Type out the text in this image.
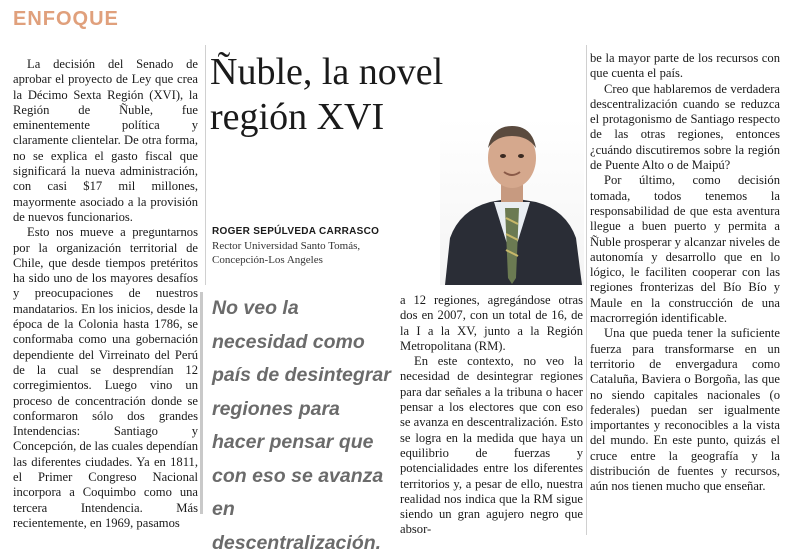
ENFOQUE

La decisión del Senado de aprobar el proyecto de Ley que crea la Décimo Sexta Región (XVI), la Región de Ñuble, fue eminentemente política y claramente clientelar. De otra forma, no se explica el gasto fiscal que significará la nueva administración, con casi $17 mil millones, mayormente asociado a la provisión de nuevos funcionarios.

Esto nos mueve a preguntarnos por la organización territorial de Chile, que desde tiempos pretéritos ha sido uno de los mayores desafíos y preocupaciones de nuestros mandatarios. En los inicios, desde la época de la Colonia hasta 1786, se conformaba como una gobernación dependiente del Virreinato del Perú de la cual se desprendían 12 corregimientos. Luego vino un proceso de concentración donde se conformaron sólo dos grandes Intendencias: Santiago y Concepción, de las cuales dependían las diferentes ciudades. Ya en 1811, el Primer Congreso Nacional incorpora a Coquimbo como una tercera Intendencia. Más recientemente, en 1969, pasamos

Ñuble, la novel región XVI
ROGER SEPÚLVEDA CARRASCO
Rector Universidad Santo Tomás, Concepción-Los Angeles
No veo la necesidad como país de desintegrar regiones para hacer pensar que con eso se avanza en descentralización.

a 12 regiones, agregándose otras dos en 2007, con un total de 16, de la I a la XV, junto a la Región Metropolitana (RM).

En este contexto, no veo la necesidad de desintegrar regiones para dar señales a la tribuna o hacer pensar a los electores que con eso se avanza en descentralización. Esto se logra en la medida que haya un equilibrio de fuerzas y potencialidades entre los diferentes territorios y, a pesar de ello, nuestra realidad nos indica que la RM sigue siendo un gran agujero negro que absor-

be la mayor parte de los recursos con que cuenta el país.

Creo que hablaremos de verdadera descentralización cuando se reduzca el protagonismo de Santiago respecto de las otras regiones, entonces ¿cuándo discutiremos sobre la región de Puente Alto o de Maipú?

Por último, como decisión tomada, todos tenemos la responsabilidad de que esta aventura llegue a buen puerto y permita a Ñuble prosperar y alcanzar niveles de autonomía y desarrollo que en lo lógico, le faciliten cooperar con las regiones fronterizas del Bío Bío y Maule en la construcción de una macrorregión identificable.

Una que pueda tener la suficiente fuerza para transformarse en un territorio de envergadura como Cataluña, Baviera o Borgoña, las que no siendo capitales nacionales (o federales) puedan ser igualmente importantes y reconocibles a la vista del mundo. En este punto, quizás el cruce entre la geografía y la distribución de fuentes y recursos, aún nos tienen mucho que enseñar.
